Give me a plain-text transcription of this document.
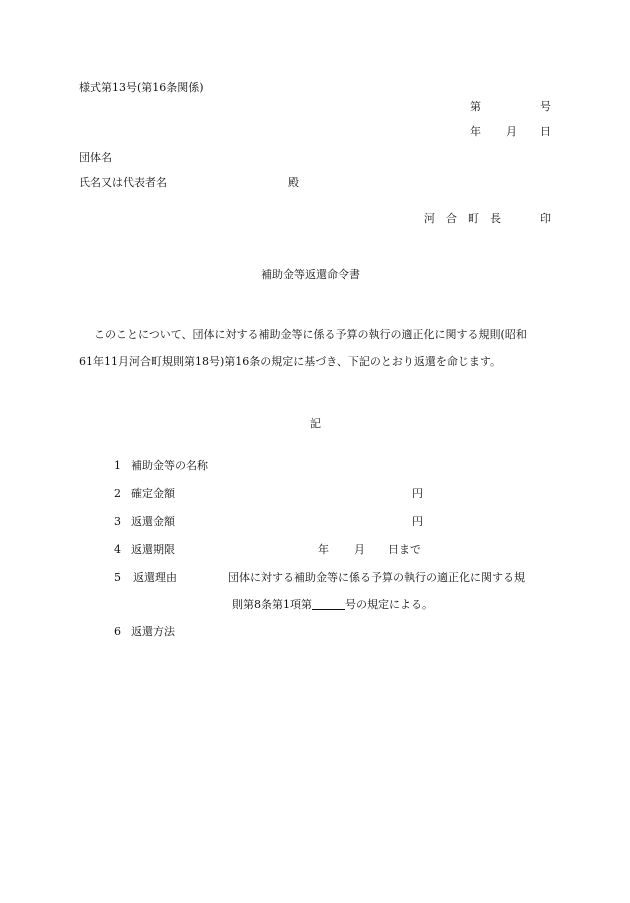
様式第13号(第16条関係)
第	号
年 月 日
団体名
氏名又は代表者名	殿
河　合　町　長	印
補助金等返還命令書
このことについて、団体に対する補助金等に係る予算の執行の適正化に関する規則(昭和
61年11月河合町規則第18号)第16条の規定に基づき、下記のとおり返還を命じます。
記
1 補助金等の名称
2 確定金額	円
3 返還金額	円
4 返還期限	年 月 日まで
5 返還理由	団体に対する補助金等に係る予算の執行の適正化に関する規
則第8条第1項第　　　	号の規定による。
6 返還方法
